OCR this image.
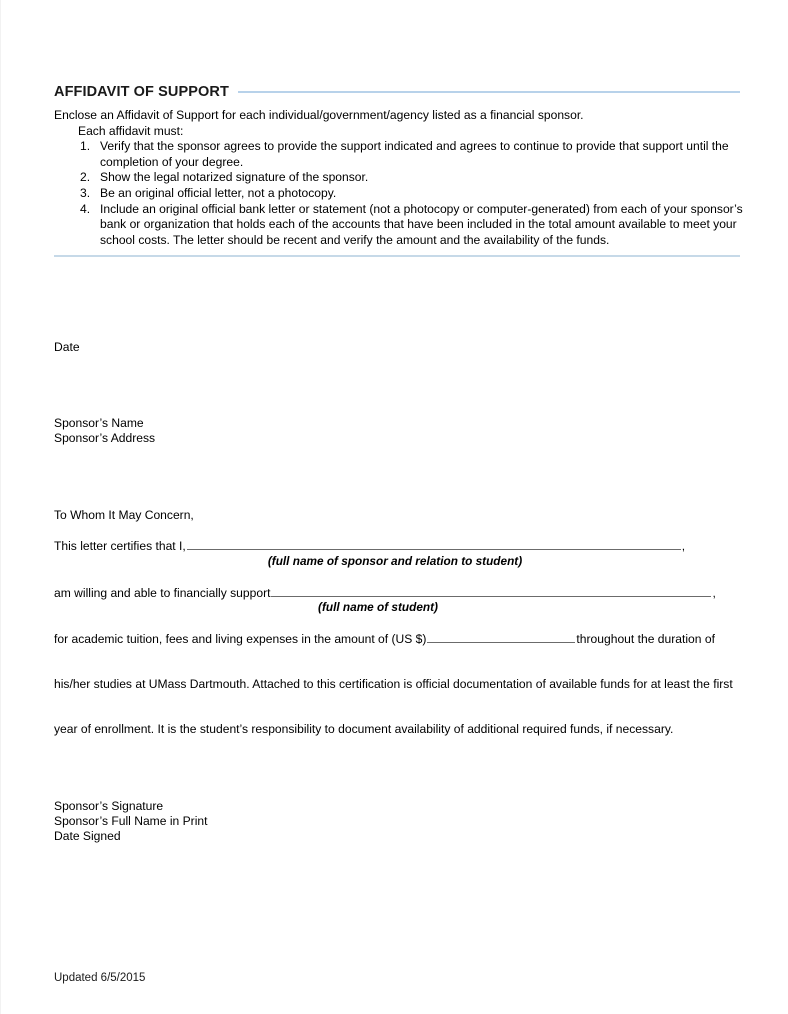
AFFIDAVIT OF SUPPORT

Enclose an Affidavit of Support for each individual/government/agency listed as a financial sponsor.

Each affidavit must:

1. Verify that the sponsor agrees to provide the support indicated and agrees to continue to provide that support until the completion of your degree.
2. Show the legal notarized signature of the sponsor.
3. Be an original official letter, not a photocopy.
4. Include an original official bank letter or statement (not a photocopy or computer-generated) from each of your sponsor’s bank or organization that holds each of the accounts that have been included in the total amount available to meet your school costs. The letter should be recent and verify the amount and the availability of the funds.
Date
Sponsor’s Name
Sponsor’s Address
To Whom It May Concern,
This letter certifies that I,	,
(full name of sponsor and relation to student)
am willing and able to financially support	,
(full name of student)
for academic tuition, fees and living expenses in the amount of (US $)	throughout the duration of
his/her studies at UMass Dartmouth. Attached to this certification is official documentation of available funds for at least the first
year of enrollment. It is the student’s responsibility to document availability of additional required funds, if necessary.
Sponsor’s Signature
Sponsor’s Full Name in Print
Date Signed
Updated 6/5/2015
